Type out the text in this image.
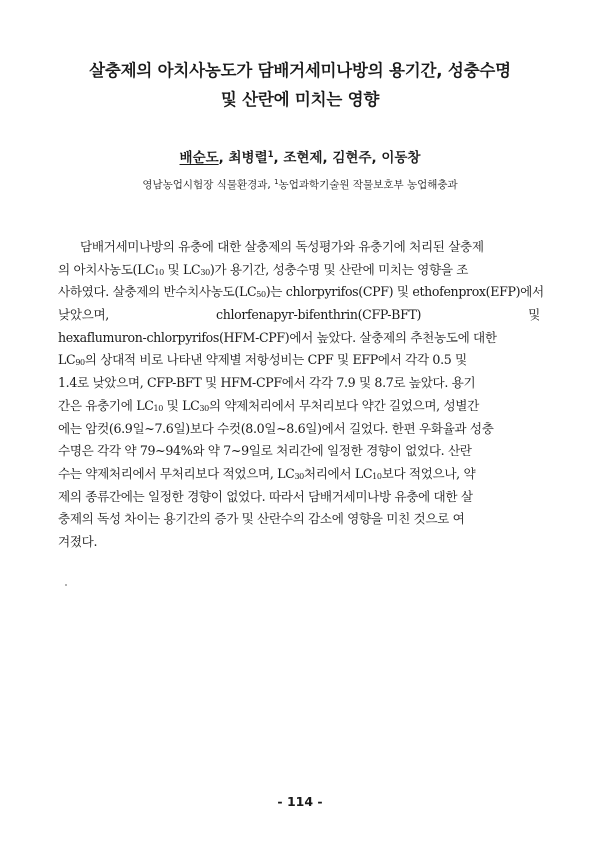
살충제의 아치사농도가 담배거세미나방의 용기간, 성충수명
및 산란에 미치는 영향
배순도, 최병렬$^1$, 조현제, 김현주, 이동창
영남농업시험장 식물환경과, $^1$농업과학기술원 작물보호부 농업해충과
담배거세미나방의 유충에 대한 살충제의 독성평가와 유충기에 처리된 살충제
의 아치사농도($LC_{10}$ 및 $LC_{30}$)가 용기간, 성충수명 및 산란에 미치는 영향을 조
사하였다. 살충제의 반수치사농도$(LC_{50})$는 chlorpyrifos(CPF) 및 ethofenprox(EFP)에서
낮았으며,	chlorfenapyr-bifenthrin(CFP-BFT)	및
hexaflumuron-chlorpyrifos(HFM-CPF)에서 높았다. 살충제의 추천농도에 대한
$LC_{90}$의 상대적 비로 나타낸 약제별 저항성비는 CPF 및 EFP에서 각각 0.5 및
1.4로 낮았으며, CFP-BFT 및 HFM-CPF에서 각각 7.9 및 8.7로 높았다. 용기
간은 유충기에 $LC_{10}$ 및 $LC_{30}$의 약제처리에서 무처리보다 약간 길었으며, 성별간
에는 암컷(6.9일~7.6일)보다 수컷(8.0일~8.6일)에서 길었다. 한편 우화율과 성충
수명은 각각 약 79~94%와 약 7~9일로 처리간에 일정한 경향이 없었다. 산란
수는 약제처리에서 무처리보다 적었으며, $LC_{30}$처리에서 $LC_{10}$보다 적었으나, 약
제의 종류간에는 일정한 경향이 없었다. 따라서 담배거세미나방 유충에 대한 살
충제의 독성 차이는 용기간의 증가 및 산란수의 감소에 영향을 미친 것으로 여
겨졌다.
- 114 -
